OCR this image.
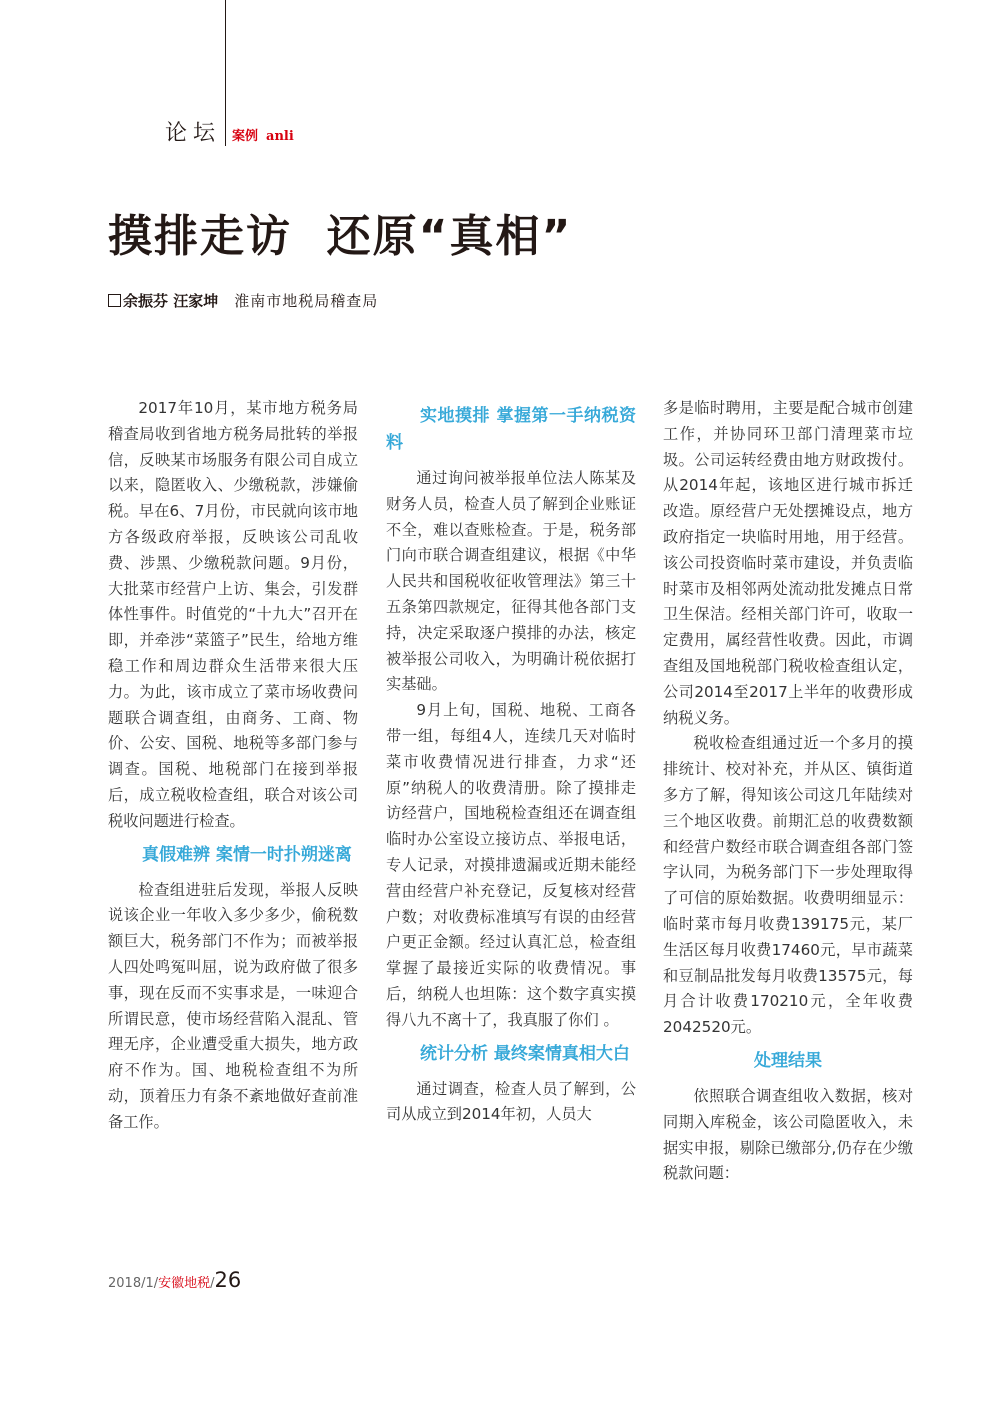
论坛 案例 anli
摸排走访  还原“真相”
余振芬 汪家坤 淮南市地税局稽查局

2017年10月，某市地方税务局稽查局收到省地方税务局批转的举报信，反映某市场服务有限公司自成立以来，隐匿收入、少缴税款，涉嫌偷税。早在6、7月份，市民就向该市地方各级政府举报，反映该公司乱收费、涉黑、少缴税款问题。9月份，大批菜市经营户上访、集会，引发群体性事件。时值党的“十九大”召开在即，并牵涉“菜篮子”民生，给地方维稳工作和周边群众生活带来很大压力。为此，该市成立了菜市场收费问题联合调查组，由商务、工商、物价、公安、国税、地税等多部门参与调查。国税、地税部门在接到举报后，成立税收检查组，联合对该公司税收问题进行检查。

真假难辨 案情一时扑朔迷离

检查组进驻后发现，举报人反映说该企业一年收入多少多少，偷税数额巨大，税务部门不作为；而被举报人四处鸣冤叫屈，说为政府做了很多事，现在反而不实事求是，一味迎合所谓民意，使市场经营陷入混乱、管理无序，企业遭受重大损失，地方政府不作为。国、地税检查组不为所动，顶着压力有条不紊地做好查前准备工作。

实地摸排 掌握第一手纳税资料

通过询问被举报单位法人陈某及财务人员，检查人员了解到企业账证不全，难以查账检查。于是，税务部门向市联合调查组建议，根据《中华人民共和国税收征收管理法》第三十五条第四款规定，征得其他各部门支持，决定采取逐户摸排的办法，核定被举报公司收入，为明确计税依据打实基础。

9月上旬，国税、地税、工商各带一组，每组4人，连续几天对临时菜市收费情况进行排查，力求“还原”纳税人的收费清册。除了摸排走访经营户，国地税检查组还在调查组临时办公室设立接访点、举报电话，专人记录，对摸排遗漏或近期未能经营由经营户补充登记，反复核对经营户数；对收费标准填写有误的由经营户更正金额。经过认真汇总，检查组掌握了最接近实际的收费情况。事后，纳税人也坦陈：这个数字真实摸得八九不离十了，我真服了你们 。

统计分析 最终案情真相大白

通过调查，检查人员了解到，公司从成立到2014年初，人员大

多是临时聘用，主要是配合城市创建工作，并协同环卫部门清理菜市垃圾。公司运转经费由地方财政拨付。从2014年起，该地区进行城市拆迁改造。原经营户无处摆摊设点，地方政府指定一块临时用地，用于经营。该公司投资临时菜市建设，并负责临时菜市及相邻两处流动批发摊点日常卫生保洁。经相关部门许可，收取一定费用，属经营性收费。因此，市调查组及国地税部门税收检查组认定，公司2014至2017上半年的收费形成纳税义务。

税收检查组通过近一个多月的摸排统计、校对补充，并从区、镇街道多方了解，得知该公司这几年陆续对三个地区收费。前期汇总的收费数额和经营户数经市联合调查组各部门签字认同，为税务部门下一步处理取得了可信的原始数据。收费明细显示：临时菜市每月收费139175元，某厂生活区每月收费17460元，早市蔬菜和豆制品批发每月收费13575元，每月合计收费170210元，全年收费2042520元。

处理结果

依照联合调查组收入数据，核对同期入库税金，该公司隐匿收入，未据实申报，剔除已缴部分,仍存在少缴税款问题：

2018/1/安徽地税/26
